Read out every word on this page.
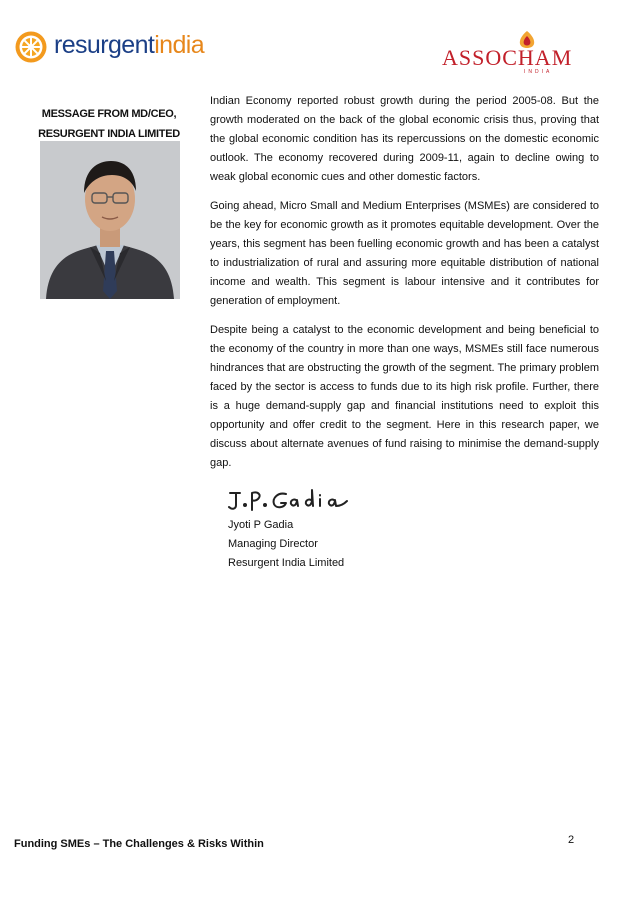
resurgentindia	ASSOCHAM
INDIA
MESSAGE FROM MD/CEO,
RESURGENT INDIA LIMITED

Indian Economy reported robust growth during the period 2005-08. But the growth moderated on the back of the global economic crisis thus, proving that the global economic condition has its repercussions on the domestic economic outlook. The economy recovered during 2009-11, again to decline owing to weak global economic cues and other domestic factors.

Going ahead, Micro Small and Medium Enterprises (MSMEs) are considered to be the key for economic growth as it promotes equitable development. Over the years, this segment has been fuelling economic growth and has been a catalyst to industrialization of rural and assuring more equitable distribution of national income and wealth. This segment is labour intensive and it contributes for generation of employment.

Despite being a catalyst to the economic development and being beneficial to the economy of the country in more than one ways, MSMEs still face numerous hindrances that are obstructing the growth of the segment. The primary problem faced by the sector is access to funds due to its high risk profile. Further, there is a huge demand-supply gap and financial institutions need to exploit this opportunity and offer credit to the segment. Here in this research paper, we discuss about alternate avenues of fund raising to minimise the demand-supply gap.

Jyoti P Gadia
Managing Director
Resurgent India Limited
Funding SMEs – The Challenges & Risks Within	2
